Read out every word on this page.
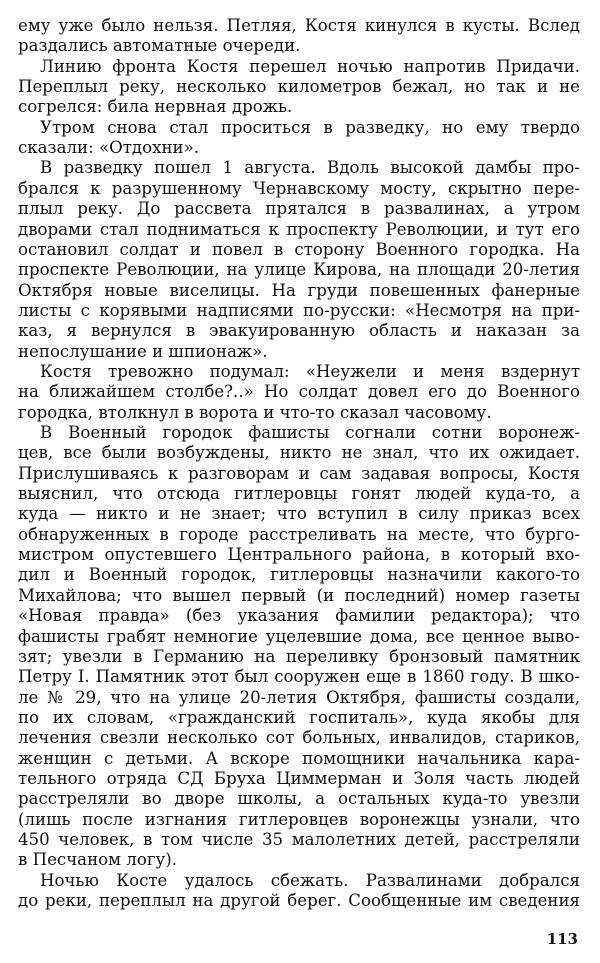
ему уже было нельзя. Петляя, Костя кинулся в кусты. Вслед
раздались автоматные очереди.
Линию фронта Костя перешел ночью напротив Придачи.
Переплыл реку, несколько километров бежал, но так и не
согрелся: била нервная дрожь.
Утром снова стал проситься в разведку, но ему твердо
сказали: «Отдохни».
В разведку пошел 1 августа. Вдоль высокой дамбы про-
брался к разрушенному Чернавскому мосту, скрытно пере-
плыл реку. До рассвета прятался в развалинах, а утром
дворами стал подниматься к проспекту Революции, и тут его
остановил солдат и повел в сторону Военного городка. На
проспекте Революции, на улице Кирова, на площади 20-летия
Октября новые виселицы. На груди повешенных фанерные
листы с корявыми надписями по-русски: «Несмотря на при-
каз, я вернулся в эвакуированную область и наказан за
непослушание и шпионаж».
Костя тревожно подумал: «Неужели и меня вздернут
на ближайшем столбе?..» Но солдат довел его до Военного
городка, втолкнул в ворота и что-то сказал часовому.
В Военный городок фашисты согнали сотни воронеж-
цев, все были возбуждены, никто не знал, что их ожидает.
Прислушиваясь к разговорам и сам задавая вопросы, Костя
выяснил, что отсюда гитлеровцы гонят людей куда-то, а
куда — никто и не знает; что вступил в силу приказ всех
обнаруженных в городе расстреливать на месте, что бурго-
мистром опустевшего Центрального района, в который вхо-
дил и Военный городок, гитлеровцы назначили какого-то
Михайлова; что вышел первый (и последний) номер газеты
«Новая правда» (без указания фамилии редактора); что
фашисты грабят немногие уцелевшие дома, все ценное выво-
зят; увезли в Германию на переливку бронзовый памятник
Петру I. Памятник этот был сооружен еще в 1860 году. В шко-
ле № 29, что на улице 20-летия Октября, фашисты создали,
по их словам, «гражданский госпиталь», куда якобы для
лечения свезли несколько сот больных, инвалидов, стариков,
женщин с детьми. А вскоре помощники начальника кара-
тельного отряда СД Бруха Циммерман и Золя часть людей
расстреляли во дворе школы, а остальных куда-то увезли
(лишь после изгнания гитлеровцев воронежцы узнали, что
450 человек, в том числе 35 малолетних детей, расстреляли
в Песчаном логу).
Ночью Косте удалось сбежать. Развалинами добрался
до реки, переплыл на другой берег. Сообщенные им сведения
113
